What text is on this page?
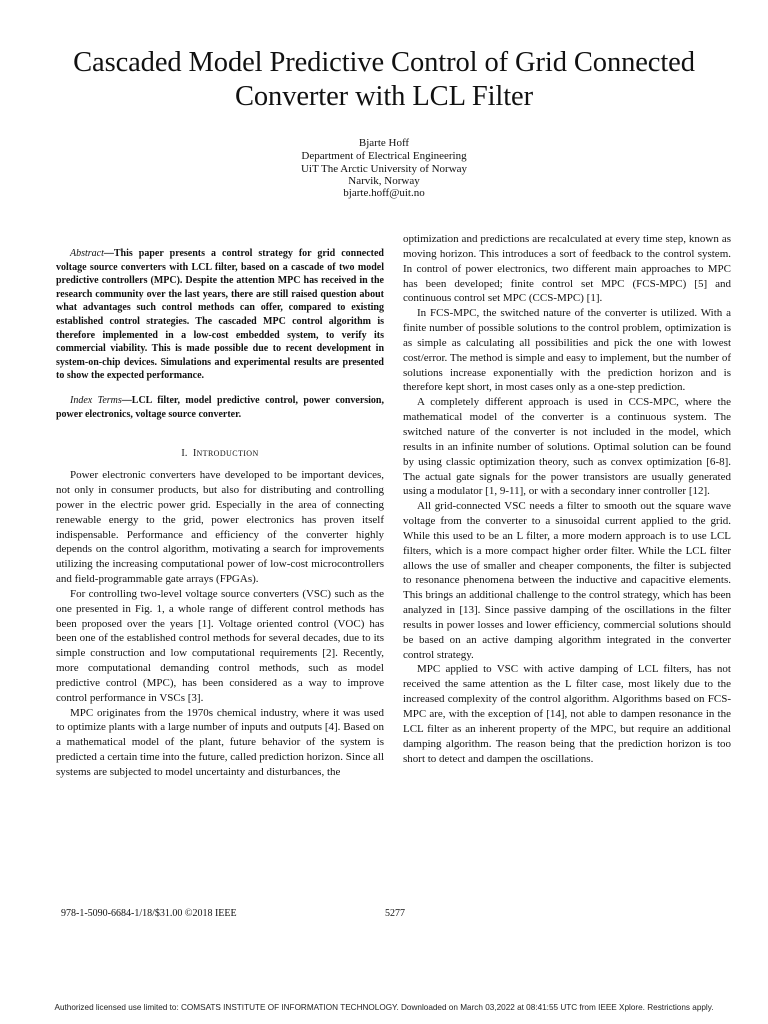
Cascaded Model Predictive Control of Grid Connected Converter with LCL Filter
Bjarte Hoff
Department of Electrical Engineering
UiT The Arctic University of Norway
Narvik, Norway
bjarte.hoff@uit.no

Abstract—This paper presents a control strategy for grid connected voltage source converters with LCL filter, based on a cascade of two model predictive controllers (MPC). Despite the attention MPC has received in the research community over the last years, there are still raised question about what advantages such control methods can offer, compared to existing established control strategies. The cascaded MPC control algorithm is therefore implemented in a low-cost embedded system, to verify its commercial viability. This is made possible due to recent development in system-on-chip devices. Simulations and experimental results are presented to show the expected performance.

Index Terms—LCL filter, model predictive control, power conversion, power electronics, voltage source converter.

I. INTRODUCTION

Power electronic converters have developed to be important devices, not only in consumer products, but also for distributing and controlling power in the electric power grid. Especially in the area of connecting renewable energy to the grid, power electronics has proven itself indispensable. Performance and efficiency of the converter highly depends on the control algorithm, motivating a search for improvements utilizing the increasing computational power of low-cost microcontrollers and field-programmable gate arrays (FPGAs).

For controlling two-level voltage source converters (VSC) such as the one presented in Fig. 1, a whole range of different control methods has been proposed over the years [1]. Voltage oriented control (VOC) has been one of the established control methods for several decades, due to its simple construction and low computational requirements [2]. Recently, more computational demanding control methods, such as model predictive control (MPC), has been considered as a way to improve control performance in VSCs [3].

MPC originates from the 1970s chemical industry, where it was used to optimize plants with a large number of inputs and outputs [4]. Based on a mathematical model of the plant, future behavior of the system is predicted a certain time into the future, called prediction horizon. Since all systems are subjected to model uncertainty and disturbances, the

optimization and predictions are recalculated at every time step, known as moving horizon. This introduces a sort of feedback to the control system. In control of power electronics, two different main approaches to MPC has been developed; finite control set MPC (FCS-MPC) [5] and continuous control set MPC (CCS-MPC) [1].

In FCS-MPC, the switched nature of the converter is utilized. With a finite number of possible solutions to the control problem, optimization is as simple as calculating all possibilities and pick the one with lowest cost/error. The method is simple and easy to implement, but the number of solutions increase exponentially with the prediction horizon and is therefore kept short, in most cases only as a one-step prediction.

A completely different approach is used in CCS-MPC, where the mathematical model of the converter is a continuous system. The switched nature of the converter is not included in the model, which results in an infinite number of solutions. Optimal solution can be found by using classic optimization theory, such as convex optimization [6-8]. The actual gate signals for the power transistors are usually generated using a modulator [1, 9-11], or with a secondary inner controller [12].

All grid-connected VSC needs a filter to smooth out the square wave voltage from the converter to a sinusoidal current applied to the grid. While this used to be an L filter, a more modern approach is to use LCL filters, which is a more compact higher order filter. While the LCL filter allows the use of smaller and cheaper components, the filter is subjected to resonance phenomena between the inductive and capacitive elements. This brings an additional challenge to the control strategy, which has been analyzed in [13]. Since passive damping of the oscillations in the filter results in power losses and lower efficiency, commercial solutions should be based on an active damping algorithm integrated in the converter control strategy.

MPC applied to VSC with active damping of LCL filters, has not received the same attention as the L filter case, most likely due to the increased complexity of the control algorithm. Algorithms based on FCS-MPC are, with the exception of [14], not able to dampen resonance in the LCL filter as an inherent property of the MPC, but require an additional damping algorithm. The reason being that the prediction horizon is too short to detect and dampen the oscillations.

978-1-5090-6684-1/18/$31.00 ©2018 IEEE	5277
Authorized licensed use limited to: COMSATS INSTITUTE OF INFORMATION TECHNOLOGY. Downloaded on March 03,2022 at 08:41:55 UTC from IEEE Xplore. Restrictions apply.
